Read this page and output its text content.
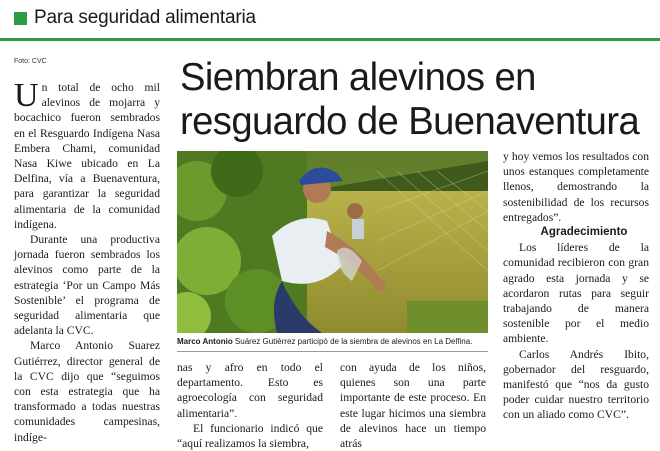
Para seguridad alimentaria
Foto: CVC	Siembran alevinos en resguardo de Buenaventura

Un total de ocho mil alevinos de mojarra y bocachico fueron sembrados en el Resguardo Indígena Nasa Embera Chami, comunidad Nasa Kiwe ubicado en La Delfina, vía a Buenaventura, para garantizar la seguridad alimentaria de la comunidad indígena.

Durante una productiva jornada fueron sembrados los alevinos como parte de la estrategia ‘Por un Campo Más Sostenible’ el programa de seguridad alimentaria que adelanta la CVC.

Marco Antonio Suarez Gutiérrez, director general de la CVC dijo que “seguimos con esta estrategia que ha transformado a todas nuestras comunidades campesinas, indíge-

Marco Antonio Suárez Gutiérrez participó de la siembra de alevinos en La Delfina.

nas y afro en todo el departamento. Esto es agroecología con seguridad alimentaria”.

El funcionario indicó que “aquí realizamos la siembra,

con ayuda de los niños, quienes son una parte importante de este proceso. En este lugar hicimos una siembra de alevinos hace un tiempo atrás

y hoy vemos los resultados con unos estanques completamente llenos, demostrando la sostenibilidad de los recursos entregados”.

Agradecimiento

Los líderes de la comunidad recibieron con gran agrado esta jornada y se acordaron rutas para seguir trabajando de manera sostenible por el medio ambiente.

Carlos Andrés Ibito, gobernador del resguardo, manifestó que “nos da gusto poder cuidar nuestro territorio con un aliado como CVC”.
